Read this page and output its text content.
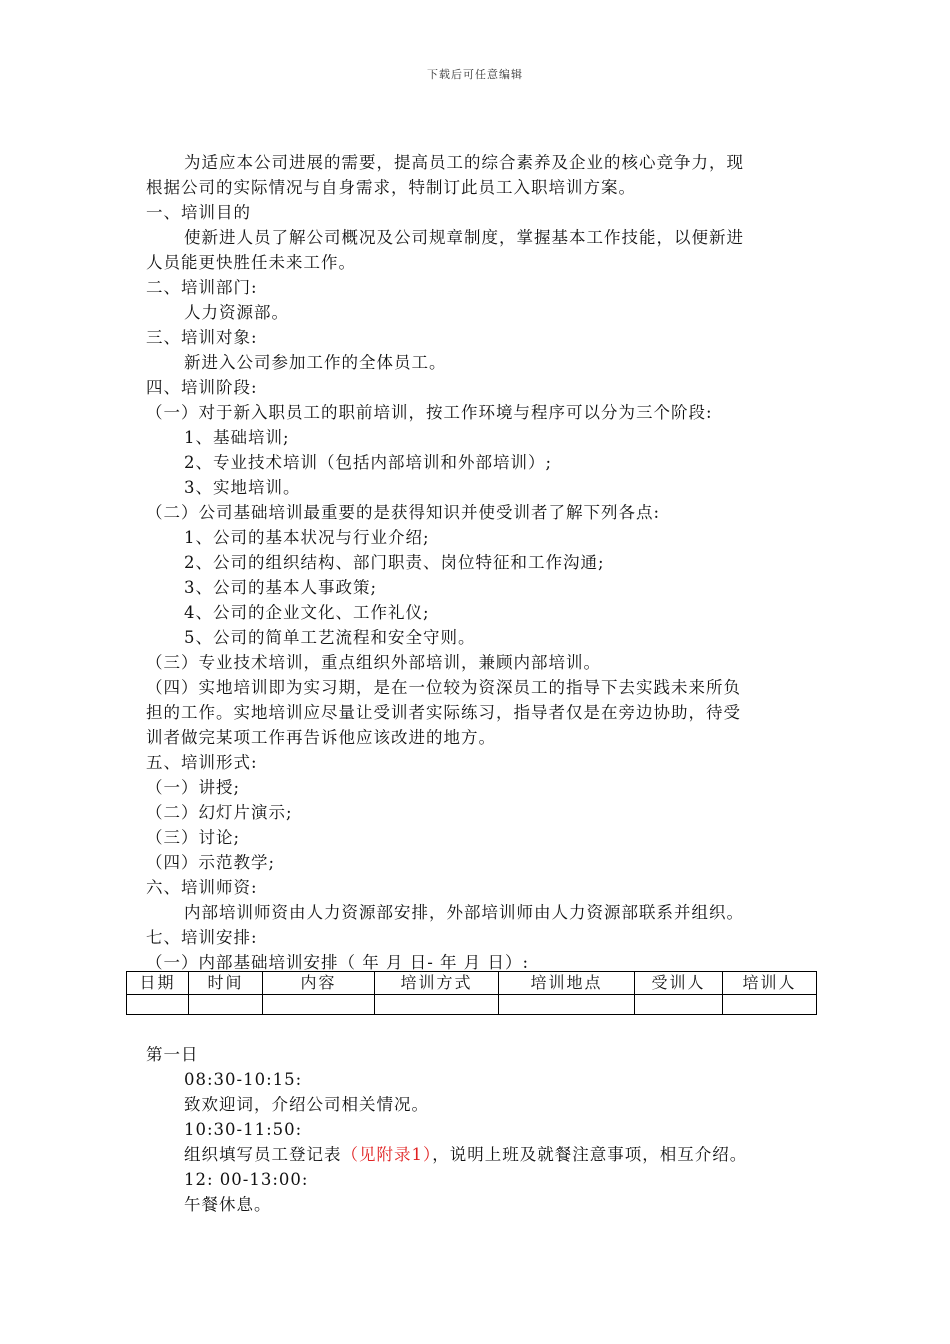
下载后可任意编辑
为适应本公司进展的需要，提高员工的综合素养及企业的核心竞争力，现
根据公司的实际情况与自身需求，特制订此员工入职培训方案。
一、培训目的
使新进人员了解公司概况及公司规章制度，掌握基本工作技能，以便新进
人员能更快胜任未来工作。
二、培训部门:
人力资源部。
三、培训对象:
新进入公司参加工作的全体员工。
四、培训阶段:
（一）对于新入职员工的职前培训，按工作环境与程序可以分为三个阶段:
1、基础培训;
2、专业技术培训（包括内部培训和外部培训）;
3、实地培训。
（二）公司基础培训最重要的是获得知识并使受训者了解下列各点:
1、公司的基本状况与行业介绍;
2、公司的组织结构、部门职责、岗位特征和工作沟通;
3、公司的基本人事政策;
4、公司的企业文化、工作礼仪;
5、公司的简单工艺流程和安全守则。
（三）专业技术培训，重点组织外部培训，兼顾内部培训。
（四）实地培训即为实习期，是在一位较为资深员工的指导下去实践未来所负
担的工作。实地培训应尽量让受训者实际练习，指导者仅是在旁边协助，待受
训者做完某项工作再告诉他应该改进的地方。
五、培训形式:
（一）讲授;
（二）幻灯片演示;
（三）讨论;
（四）示范教学;
六、培训师资:
内部培训师资由人力资源部安排，外部培训师由人力资源部联系并组织。
七、培训安排:
（一）内部基础培训安排（ 年 月 日- 年 月 日）:
日期	时间	内容	培训方式	培训地点	受训人	培训人

第一日
08:30-10:15:
致欢迎词，介绍公司相关情况。
10:30-11:50:
组织填写员工登记表（见附录1），说明上班及就餐注意事项，相互介绍。
12: 00-13:00:
午餐休息。
